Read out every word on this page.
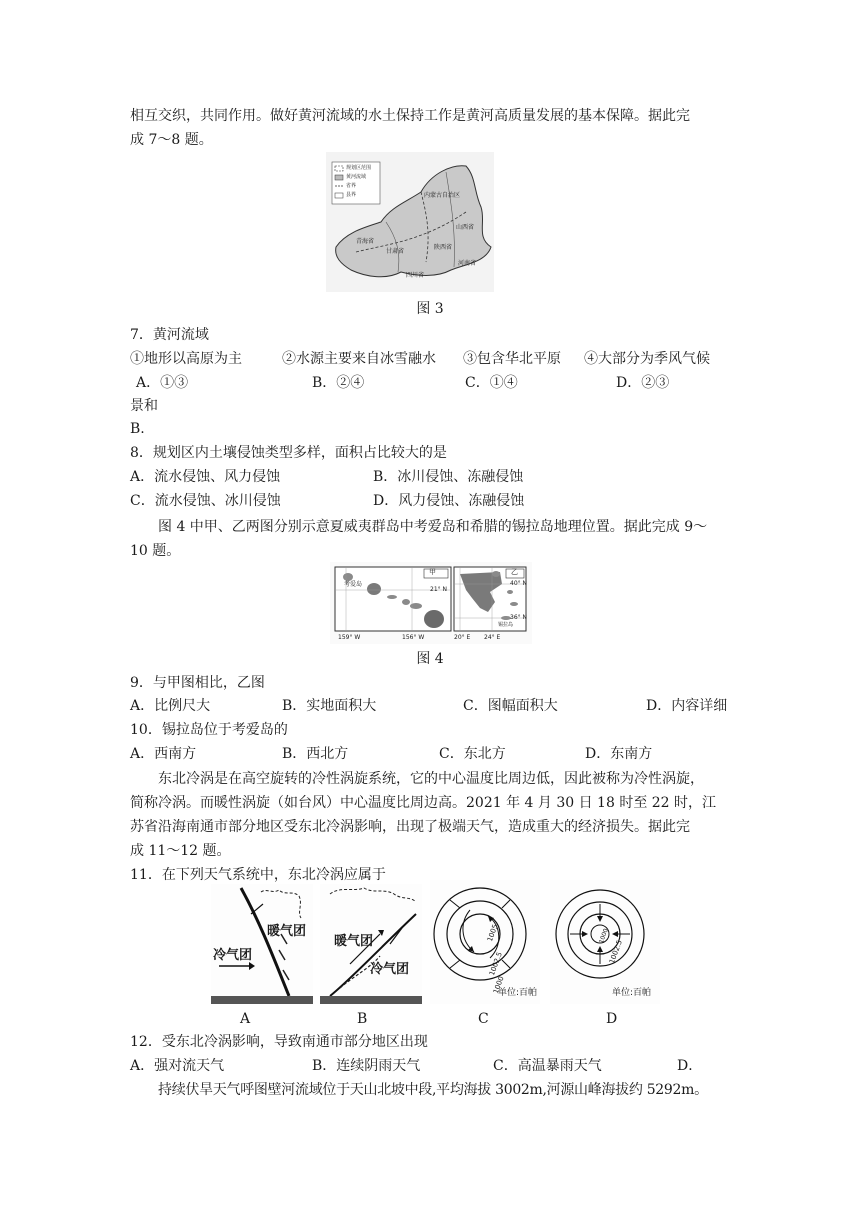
相互交织，共同作用。做好黄河流域的水土保持工作是黄河高质量发展的基本保障。据此完
成 7～8 题。
规划区范围
黄河流域
省界
县界	内蒙古自治区
山西省
青海省
甘肃省
陕西省
河南省
四川省
图 3
7．黄河流域
①地形以高原为主	②水源主要来自冰雪融水 ③包含华北平原 ④大部分为季风气候
A．①③	B．②④	C．①④	D．②③
景和
B.
8．规划区内土壤侵蚀类型多样，面积占比较大的是
A．流水侵蚀、风力侵蚀	B．冰川侵蚀、冻融侵蚀
C．流水侵蚀、冰川侵蚀	D．风力侵蚀、冻融侵蚀
图 4 中甲、乙两图分别示意夏威夷群岛中考爱岛和希腊的锡拉岛地理位置。据此完成 9～
10 题。
甲
考爱岛
21° N
159° W	156° W
乙
锡拉岛
40° N
36° N
20° E 24° E
图 4
9．与甲图相比，乙图
A．比例尺大	B．实地面积大	C．图幅面积大	D．内容详细
10．锡拉岛位于考爱岛的
A．西南方	B．西北方	C．东北方	D．东南方
东北冷涡是在高空旋转的冷性涡旋系统，它的中心温度比周边低，因此被称为冷性涡旋，
简称冷涡。而暖性涡旋（如台风）中心温度比周边高。2021 年 4 月 30 日 18 时至 22 时，江
苏省沿海南通市部分地区受东北冷涡影响，出现了极端天气，造成重大的经济损失。据此完
成 11～12 题。
11．在下列天气系统中，东北冷涡应属于
暖气团
冷气团
A
暖气团
冷气团
B
1005
1002.5
1000
单位:百帕
C
1000
1002.5
单位:百帕
D
12．受东北冷涡影响，导致南通市部分地区出现
A．强对流天气	B．连续阴雨天气	C．高温暴雨天气	D．
持续伏旱天气呼图壁河流域位于天山北坡中段,平均海拔 3002m,河源山峰海拔约 5292m。
